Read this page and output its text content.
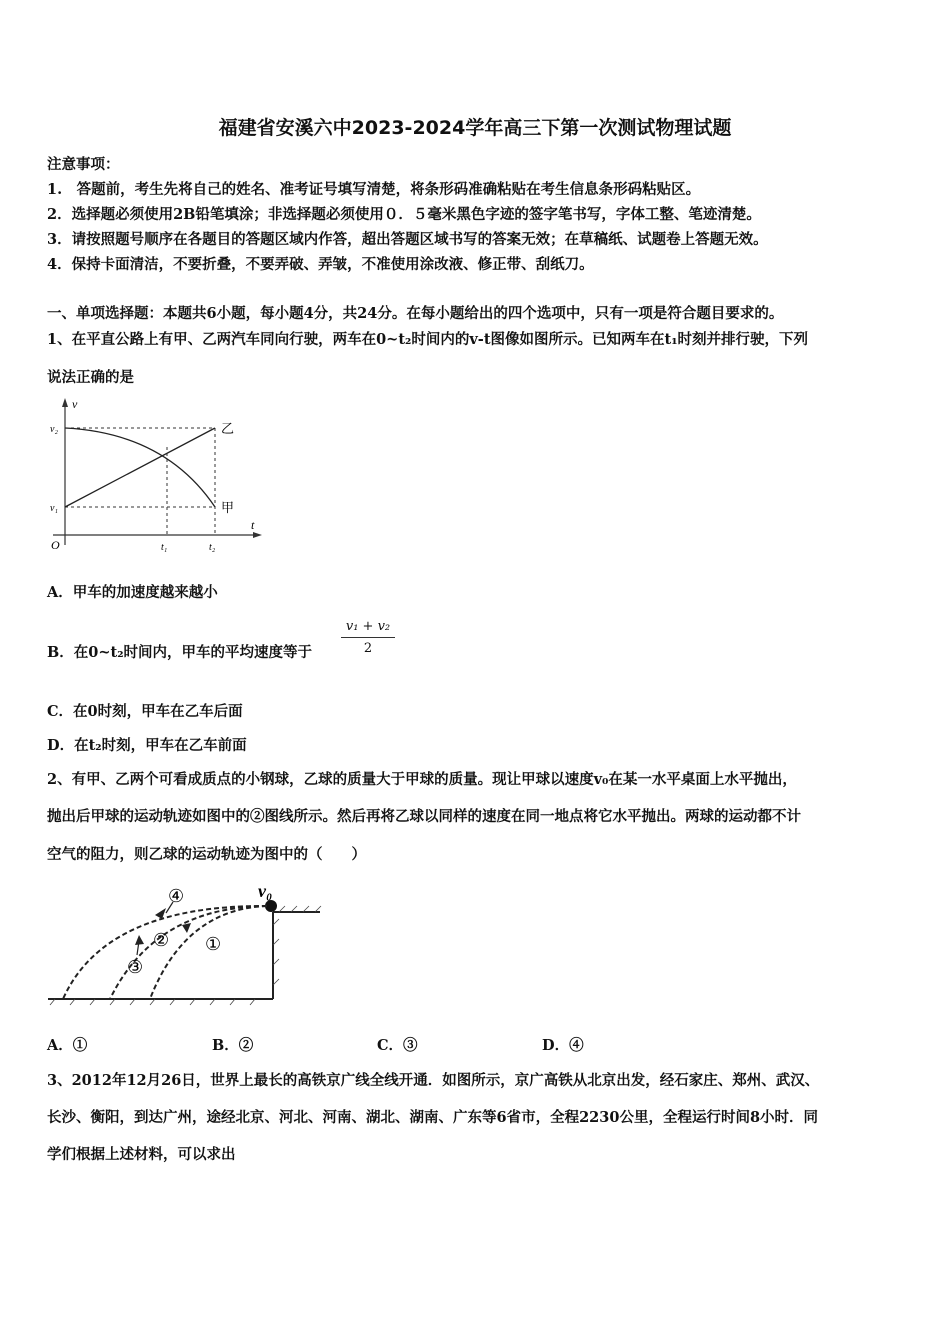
福建省安溪六中2023-2024学年高三下第一次测试物理试题
注意事项：
1.　答题前，考生先将自己的姓名、准考证号填写清楚，将条形码准确粘贴在考生信息条形码粘贴区。
2．选择题必须使用2B铅笔填涂；非选择题必须使用０．５毫米黑色字迹的签字笔书写，字体工整、笔迹清楚。
3．请按照题号顺序在各题目的答题区域内作答，超出答题区域书写的答案无效；在草稿纸、试题卷上答题无效。
4．保持卡面清洁，不要折叠，不要弄破、弄皱，不准使用涂改液、修正带、刮纸刀。
一、单项选择题：本题共6小题，每小题4分，共24分。在每小题给出的四个选项中，只有一项是符合题目要求的。
1、在平直公路上有甲、乙两汽车同向行驶，两车在0~t₂时间内的v-t图像如图所示。已知两车在t₁时刻并排行驶，下列
说法正确的是
v
t
O
v₂
v₁
t₁	t₂
乙
甲
A．甲车的加速度越来越小
B．在0~t₂时间内，甲车的平均速度等于
v₁ + v₂
2
C．在0时刻，甲车在乙车后面
D．在t₂时刻，甲车在乙车前面
2、有甲、乙两个可看成质点的小钢球，乙球的质量大于甲球的质量。现让甲球以速度v₀在某一水平桌面上水平抛出，
抛出后甲球的运动轨迹如图中的②图线所示。然后再将乙球以同样的速度在同一地点将它水平抛出。两球的运动都不计
空气的阻力，则乙球的运动轨迹为图中的（　　）
v₀
④
② ①
③
A．①	B．②	C．③	D．④
3、2012年12月26日，世界上最长的高铁京广线全线开通．如图所示，京广高铁从北京出发，经石家庄、郑州、武汉、
长沙、衡阳，到达广州，途经北京、河北、河南、湖北、湖南、广东等6省市，全程2230公里，全程运行时间8小时．同
学们根据上述材料，可以求出
